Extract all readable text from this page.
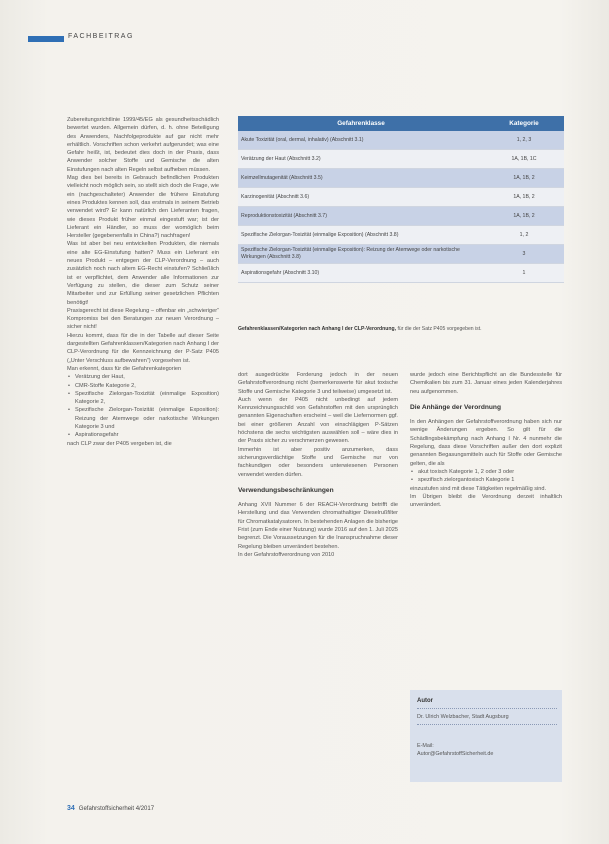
FACHBEITRAG

Zubereitungsrichtlinie 1999/45/EG als gesundheitsschädlich bewertet wurden. Allgemein dürfen, d. h. ohne Beteiligung des Anwenders, Nachfolgeprodukte auf gar nicht mehr erhältlich. Vorschriften schon verkehrt aufgerundet; was eine Gefahr heißt, ist, bedeutet dies doch in der Praxis, dass Anwender solcher Stoffe und Gemische die alten Einstufungen nach alten Regeln selbst aufheben müssen.

Mag dies bei bereits in Gebrauch befindlichen Produkten vielleicht noch möglich sein, so stellt sich doch die Frage, wie ein (nachgeschalteter) Anwender die frühere Einstufung eines Produktes kennen soll, das erstmals in seinem Betrieb verwendet wird? Er kann natürlich den Lieferanten fragen, wie dieses Produkt früher einmal eingestuft war; ist der Lieferant ein Händler, so muss der womöglich beim Hersteller (gegebenenfalls in China?) nachfragen!

Was ist aber bei neu entwickelten Produkten, die niemals eine alte EG-Einstufung hatten? Muss ein Lieferant ein neues Produkt – entgegen der CLP-Verordnung – auch zusätzlich noch nach altem EG-Recht einstufen? Schließlich ist er verpflichtet, dem Anwender alle Informationen zur Verfügung zu stellen, die dieser zum Schutz seiner Mitarbeiter und zur Erfüllung seiner gesetzlichen Pflichten benötigt!

Praxisgerecht ist diese Regelung – offenbar ein „schwieriger“ Kompromiss bei den Beratungen zur neuen Verordnung – sicher nicht!

Hierzu kommt, dass für die in der Tabelle auf dieser Seite dargestellten Gefahrenklassen/Kategorien nach Anhang I der CLP-Verordnung für die Kennzeichnung der P-Satz P405 („Unter Verschluss aufbewahren“) vorgesehen ist.

Man erkennt, dass für die Gefahrenkategorien

• Verätzung der Haut,
• CMR-Stoffe Kategorie 2,
• Spezifische Zielorgan-Toxizität (einmalige Exposition) Kategorie 2,
• Spezifische Zielorgan-Toxizität (einmalige Exposition): Reizung der Atemwege oder narkotische Wirkungen Kategorie 3 und
• Aspirationsgefahr

nach CLP zwar der P405 vergeben ist, die

Gefahrenklasse	Kategorie
Akute Toxizität (oral, dermal, inhalativ) (Abschnitt 3.1)	1, 2, 3
Verätzung der Haut (Abschnitt 3.2)	1A, 1B, 1C
Keimzellmutagenität (Abschnitt 3.5)	1A, 1B, 2
Karzinogenität (Abschnitt 3.6)	1A, 1B, 2
Reproduktionstoxizität (Abschnitt 3.7)	1A, 1B, 2
Spezifische Zielorgan-Toxizität (einmalige Exposition) (Abschnitt 3.8)	1, 2
Spezifische Zielorgan-Toxizität (einmalige Exposition): Reizung der Atemwege oder narkotische Wirkungen (Abschnitt 3.8)	3
Aspirationsgefahr (Abschnitt 3.10)	1
Gefahrenklassen/Kategorien nach Anhang I der CLP-Verordnung, für die der Satz P405 vorgegeben ist.

dort ausgedrückte Forderung jedoch in der neuen Gefahrstoffverordnung nicht (bemerkenswerte für akut toxische Stoffe und Gemische Kategorie 3 und teilweise) umgesetzt ist.

Auch wenn der P405 nicht unbedingt auf jedem Kennzeichnungsschild von Gefahrstoffen mit den ursprünglich genannten Eigenschaften erscheint – weil die Liefernormen ggf. bei einer größeren Anzahl von einschlägigen P-Sätzen höchstens die sechs wichtigsten auswählen soll – wäre dies in der Praxis sicher zu verschmerzen gewesen.

Immerhin ist aber positiv anzumerken, dass sicherungsverdächtige Stoffe und Gemische nur von fachkundigen oder besonders unterwiesenen Personen verwendet werden dürfen.

Verwendungsbeschränkungen

Anhang XVII Nummer 6 der REACH-Verordnung betrifft die Herstellung und das Verwenden chromathaltiger Dieselrußfilter für Chromatkatalysatoren. In bestehenden Anlagen die bisherige Frist (zum Ende einer Nutzung) wurde 2016 auf den 1. Juli 2025 begrenzt. Die Voraussetzungen für die Inanspruchnahme dieser Regelung bleiben unverändert bestehen.

In der Gefahrstoffverordnung von 2010

wurde jedoch eine Berichtspflicht an die Bundesstelle für Chemikalien bis zum 31. Januar eines jeden Kalenderjahres neu aufgenommen.

Die Anhänge der Verordnung

In den Anhängen der Gefahrstoffverordnung haben sich nur wenige Änderungen ergeben. So gilt für die Schädlingsbekämpfung nach Anhang I Nr. 4 nunmehr die Regelung, dass diese Vorschriften außer den dort explizit genannten Begasungsmitteln auch für Stoffe oder Gemische gelten, die als

• akut toxisch Kategorie 1, 2 oder 3 oder
• spezifisch zielorgantoxisch Kategorie 1

einzustufen sind mit diese Tätigkeiten regelmäßig sind.

Im Übrigen bleibt die Verordnung derzeit inhaltlich unverändert.

Autor
Dr. Ulrich Welzbacher, Stadt Augsburg
E-Mail:
Autor@GefahrstoffSicherheit.de
34 Gefahrstoffsicherheit 4/2017
